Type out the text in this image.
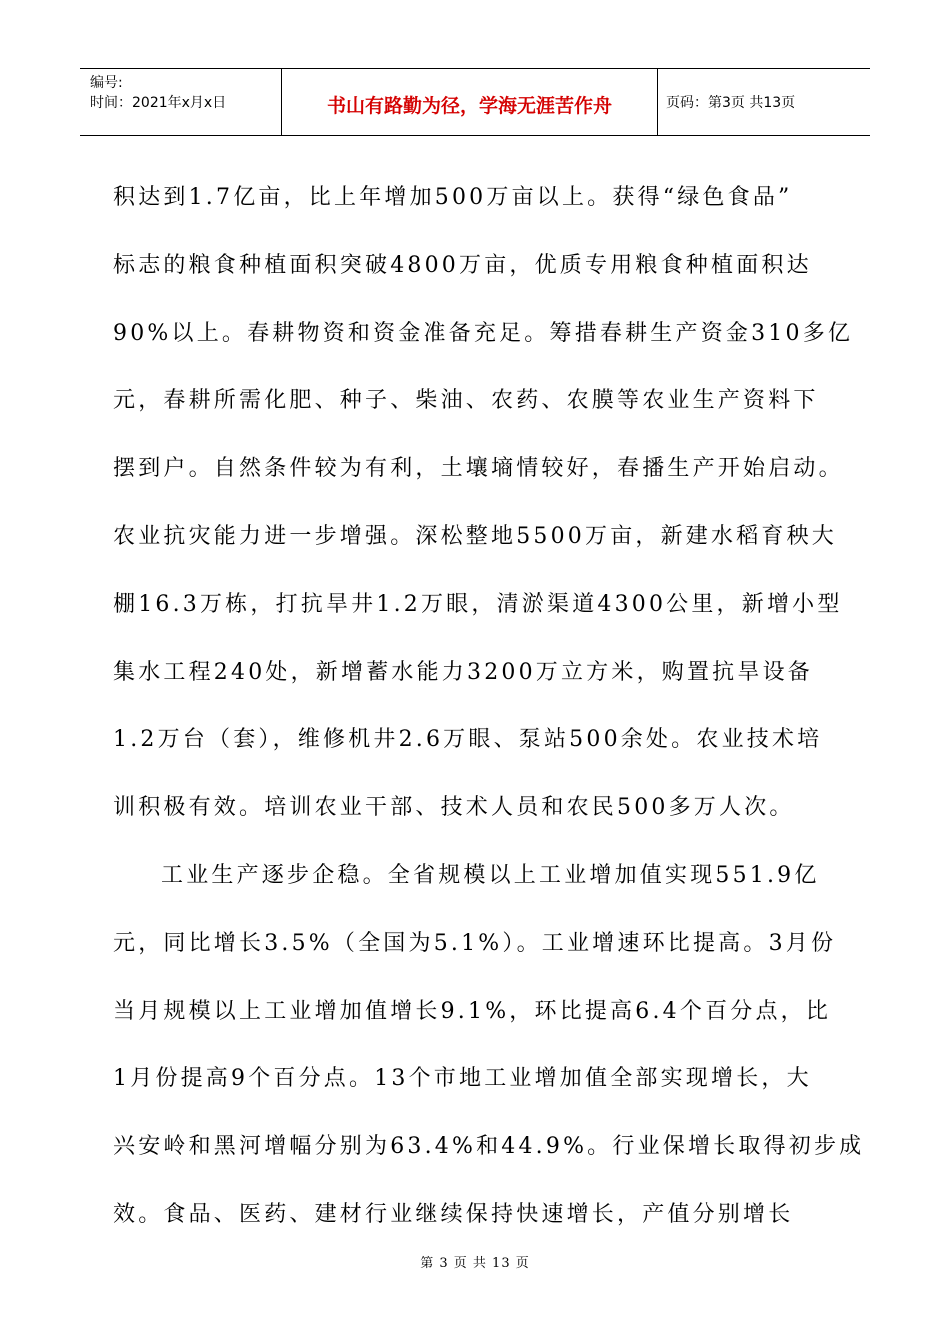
编号:
时间：2021年x月x日	书山有路勤为径，学海无涯苦作舟	页码：第3页 共13页
积达到1.7亿亩，比上年增加500万亩以上。获得“绿色食品”
标志的粮食种植面积突破4800万亩，优质专用粮食种植面积达
90%以上。春耕物资和资金准备充足。筹措春耕生产资金310多亿
元，春耕所需化肥、种子、柴油、农药、农膜等农业生产资料下
摆到户。自然条件较为有利，土壤墒情较好，春播生产开始启动。
农业抗灾能力进一步增强。深松整地5500万亩，新建水稻育秧大
棚16.3万栋，打抗旱井1.2万眼，清淤渠道4300公里，新增小型
集水工程240处，新增蓄水能力3200万立方米，购置抗旱设备
1.2万台（套），维修机井2.6万眼、泵站500余处。农业技术培
训积极有效。培训农业干部、技术人员和农民500多万人次。
工业生产逐步企稳。全省规模以上工业增加值实现551.9亿
元，同比增长3.5%（全国为5.1%）。工业增速环比提高。3月份
当月规模以上工业增加值增长9.1%，环比提高6.4个百分点，比
1月份提高9个百分点。13个市地工业增加值全部实现增长，大
兴安岭和黑河增幅分别为63.4%和44.9%。行业保增长取得初步成
效。食品、医药、建材行业继续保持快速增长，产值分别增长
第 3 页 共 13 页
